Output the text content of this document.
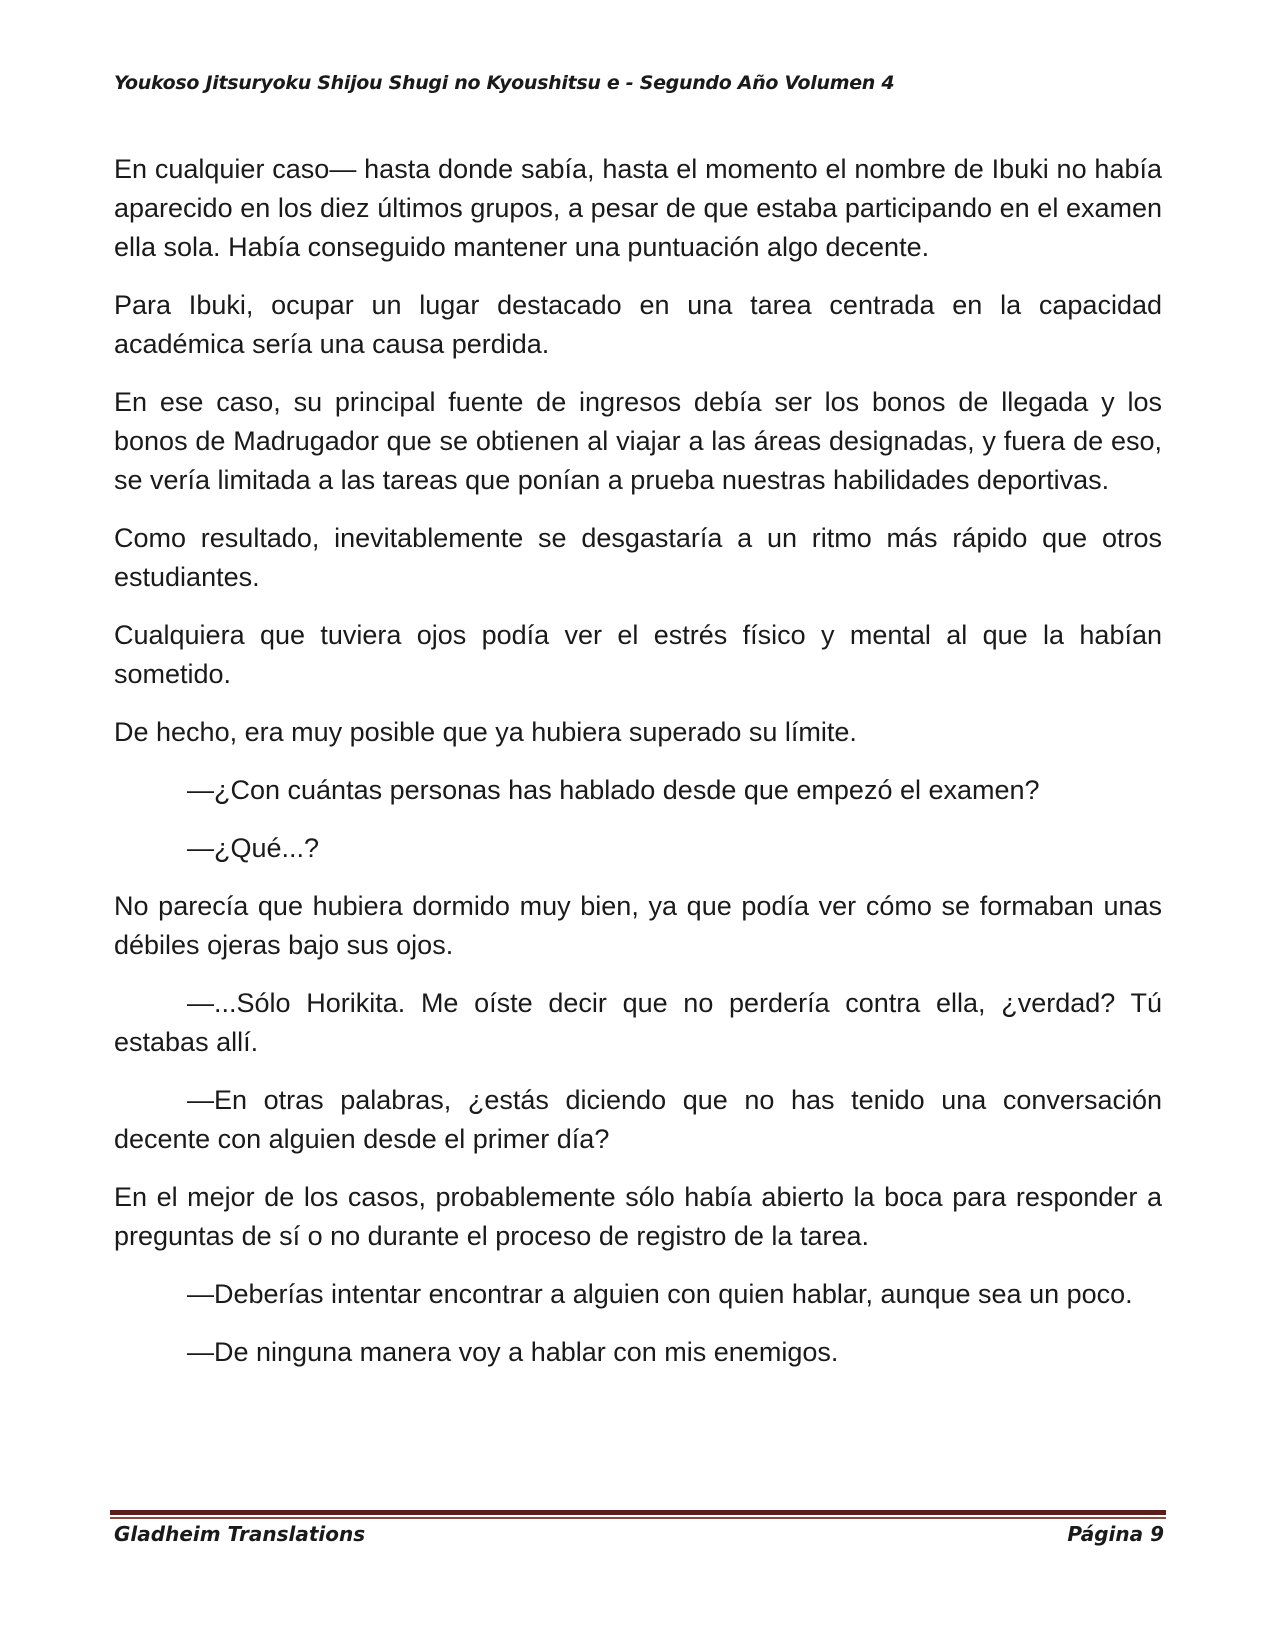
Youkoso Jitsuryoku Shijou Shugi no Kyoushitsu e - Segundo Año Volumen 4

En cualquier caso— hasta donde sabía, hasta el momento el nombre de Ibuki no había aparecido en los diez últimos grupos, a pesar de que estaba participando en el examen ella sola. Había conseguido mantener una puntuación algo decente.

Para Ibuki, ocupar un lugar destacado en una tarea centrada en la capacidad académica sería una causa perdida.

En ese caso, su principal fuente de ingresos debía ser los bonos de llegada y los bonos de Madrugador que se obtienen al viajar a las áreas designadas, y fuera de eso, se vería limitada a las tareas que ponían a prueba nuestras habilidades deportivas.

Como resultado, inevitablemente se desgastaría a un ritmo más rápido que otros estudiantes.

Cualquiera que tuviera ojos podía ver el estrés físico y mental al que la habían sometido.

De hecho, era muy posible que ya hubiera superado su límite.

—¿Con cuántas personas has hablado desde que empezó el examen?

—¿Qué...?

No parecía que hubiera dormido muy bien, ya que podía ver cómo se formaban unas débiles ojeras bajo sus ojos.

—...Sólo Horikita. Me oíste decir que no perdería contra ella, ¿verdad? Tú estabas allí.

—En otras palabras, ¿estás diciendo que no has tenido una conversación decente con alguien desde el primer día?

En el mejor de los casos, probablemente sólo había abierto la boca para responder a preguntas de sí o no durante el proceso de registro de la tarea.

—Deberías intentar encontrar a alguien con quien hablar, aunque sea un poco.

—De ninguna manera voy a hablar con mis enemigos.

Gladheim Translations	Página 9
